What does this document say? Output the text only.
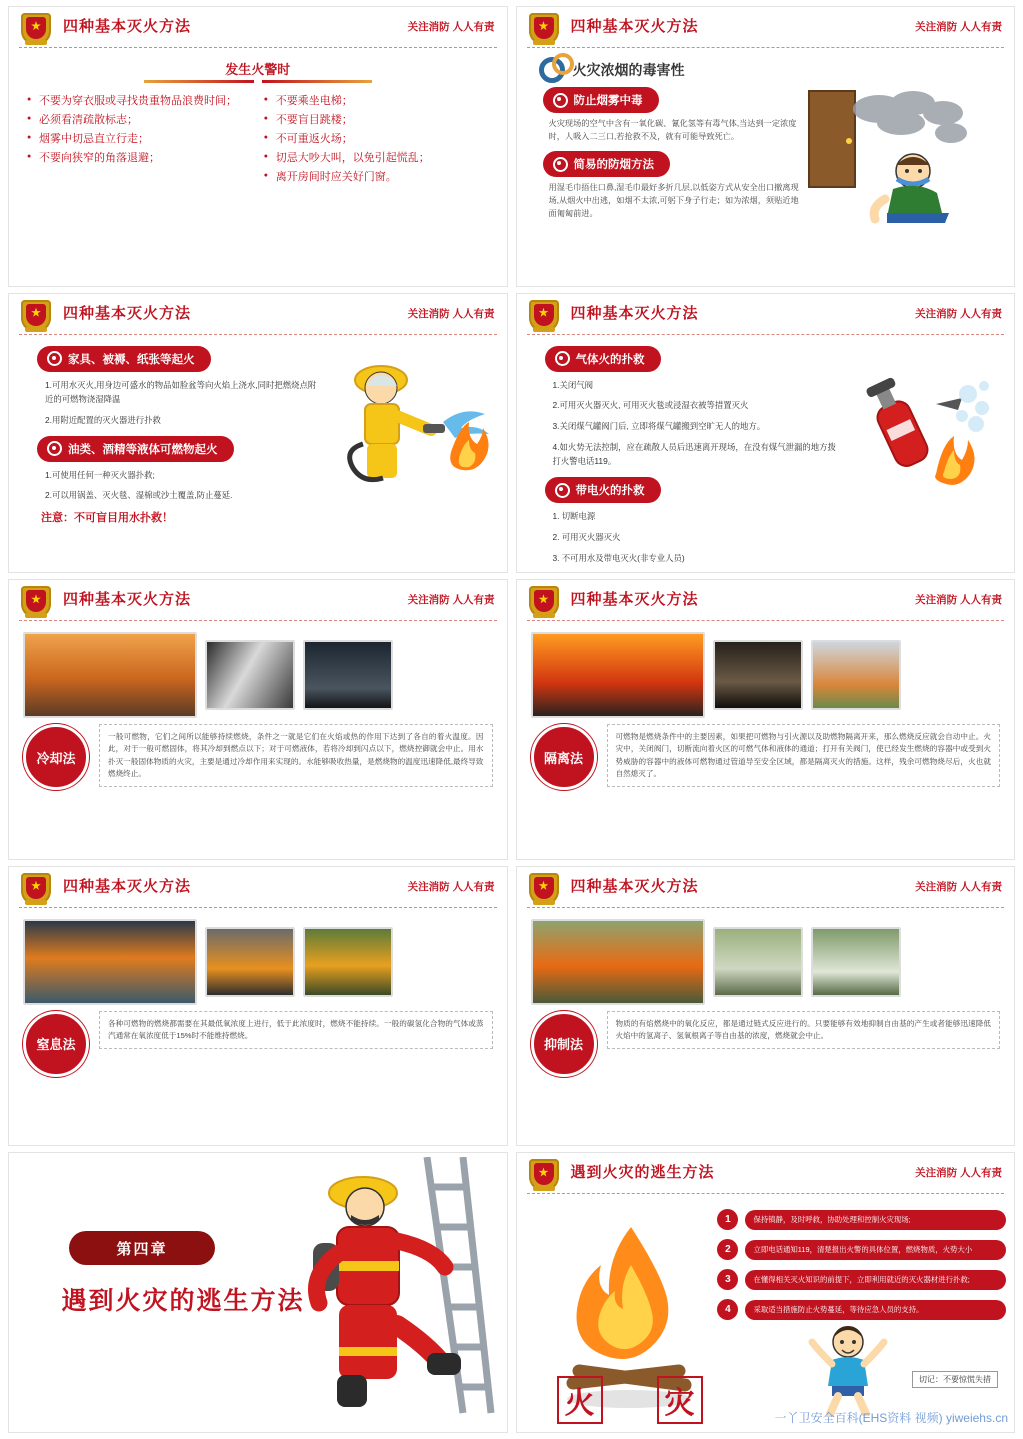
四种基本灭火方法	关注消防 人人有责
发生火警时
● 不要为穿衣服或寻找贵重物品浪费时间；
● 必须看清疏散标志；
● 烟雾中切忌直立行走；
● 不要向狭窄的角落退避；
● 不要乘坐电梯；
● 不要盲目跳楼；
● 不可重返火场；
● 切忌大吵大叫，以免引起慌乱；
● 离开房间时应关好门窗。
四种基本灭火方法	关注消防 人人有责
火灾浓烟的毒害性
防止烟雾中毒
火灾现场的空气中含有一氧化碳、氰化氢等有毒气体,当达到一定浓度时，人吸入二三口,若抢救不及，就有可能导致死亡。
简易的防烟方法
用湿毛巾捂住口鼻,湿毛巾最好多折几层,以低姿方式从安全出口撤离现场,从烟火中出逃，如烟不太浓,可躬下身子行走；如为浓烟，须贴近地面匍匐前进。
四种基本灭火方法	关注消防 人人有责
家具、被褥、纸张等起火
1.可用水灭火,用身边可盛水的物品如脸盆等向火焰上浇水,同时把燃烧点附近的可燃物浇湿降温
2.用附近配置的灭火器进行扑救
油类、酒精等液体可燃物起火
1.可使用任何一种灭火器扑救;
2.可以用锅盖、灭火毯、湿棉或沙土覆盖,防止蔓延.
注意：不可盲目用水扑救！
四种基本灭火方法	关注消防 人人有责
气体火的扑救
1.关闭气阀
2.可用灭火器灭火, 可用灭火毯或浸湿衣被等措置灭火
3.关闭煤气罐阀门后, 立即将煤气罐搬到空旷无人的地方。
4.如火势无法控制，应在疏散人员后迅速离开现场，在没有煤气泄漏的地方拨打火警电话119。
带电火的扑救
1. 切断电源
2. 可用灭火器灭火
3. 不可用水及带电灭火(非专业人员)
四种基本灭火方法	关注消防 人人有责
冷却法
一般可燃物，它们之间所以能够持续燃烧，条件之一就是它们在火焰或热的作用下达到了各自的着火温度。因此，对于一般可燃固体，将其冷却到燃点以下；对于可燃液体，若将冷却到闪点以下，燃烧控御就会中止。用水扑灭一般固体物质的火灾，主要是通过冷却作用来实现的。水能够吸收热量，是燃烧物的温度迅速降低,最终导致燃烧终止。
四种基本灭火方法	关注消防 人人有责
隔离法
可燃物是燃烧条件中的主要因素，如果把可燃物与引火源以及助燃物隔离开来，那么燃烧反应就会自动中止。火灾中，关闭阀门，切断流向着火区的可燃气体和液体的通道；打开有关阀门，使已经发生燃烧的容器中或受到火势威胁的容器中的液体可燃物通过管道导至安全区域，都是隔离灭火的措施。这样，残余可燃物烧尽后，火也就自然熄灭了。
四种基本灭火方法	关注消防 人人有责
窒息法
各种可燃物的燃烧都需要在其最低氧浓度上进行，低于此浓度时，燃烧不能持续。一般的碳氢化合物的气体或蒸汽通常在氧浓度低于15%时不能维持燃烧。
四种基本灭火方法	关注消防 人人有责
抑制法
物质的有焰燃烧中的氧化反应，都是通过链式反应进行的。只要能够有效地抑制自由基的产生或者能够迅速降低火焰中的氢离子、氢氧根离子等自由基的浓度，燃烧就会中止。
第四章
遇到火灾的逃生方法
遇到火灾的逃生方法	关注消防 人人有责
1	保持镇静，及时呼救，协助处理和控制火灾现场;
2	立即电话通知119，清楚报出火警的具体位置，燃烧物质，火势大小
3	在懂得相关灭火知识的前提下，立即利用就近的灭火器材进行扑救;
4	采取适当措施防止火势蔓延，等待应急人员的支持。
切记：不要惊慌失措
火 灾	一丫卫安全百科(EHS资料 视频) yiweiehs.cn
